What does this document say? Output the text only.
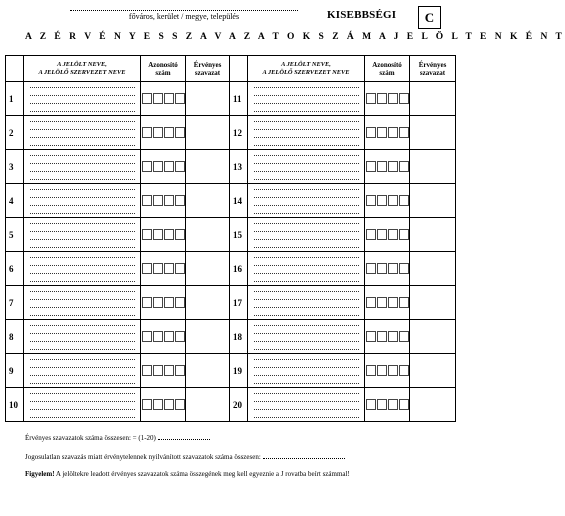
főváros, kerület / megye, település	KISEBBSÉGI	C
A Z É R V É N Y E S S Z A V A Z A T O K S Z Á M A J E L Ö L T E N K É N T
	A JELÖLT NEVE,
A JELÖLŐ SZERVEZET NEVE	Azonosító
szám	Érvényes
szavazat		A JELÖLT NEVE,
A JELÖLŐ SZERVEZET NEVE	Azonosító
szám	Érvényes
szavazat
1				11	

2				12	

3				13	

4				14	

5				15	

6				16	

7				17	

8				18	

9				19	

10				20	

Érvényes szavazatok száma összesen: = (1-20)
Jogosulatlan szavazás miatt érvénytelennek nyilvánított szavazatok száma összesen:
Figyelem! A jelöltekre leadott érvényes szavazatok száma összegének meg kell egyeznie a J rovatba beírt számmal!
